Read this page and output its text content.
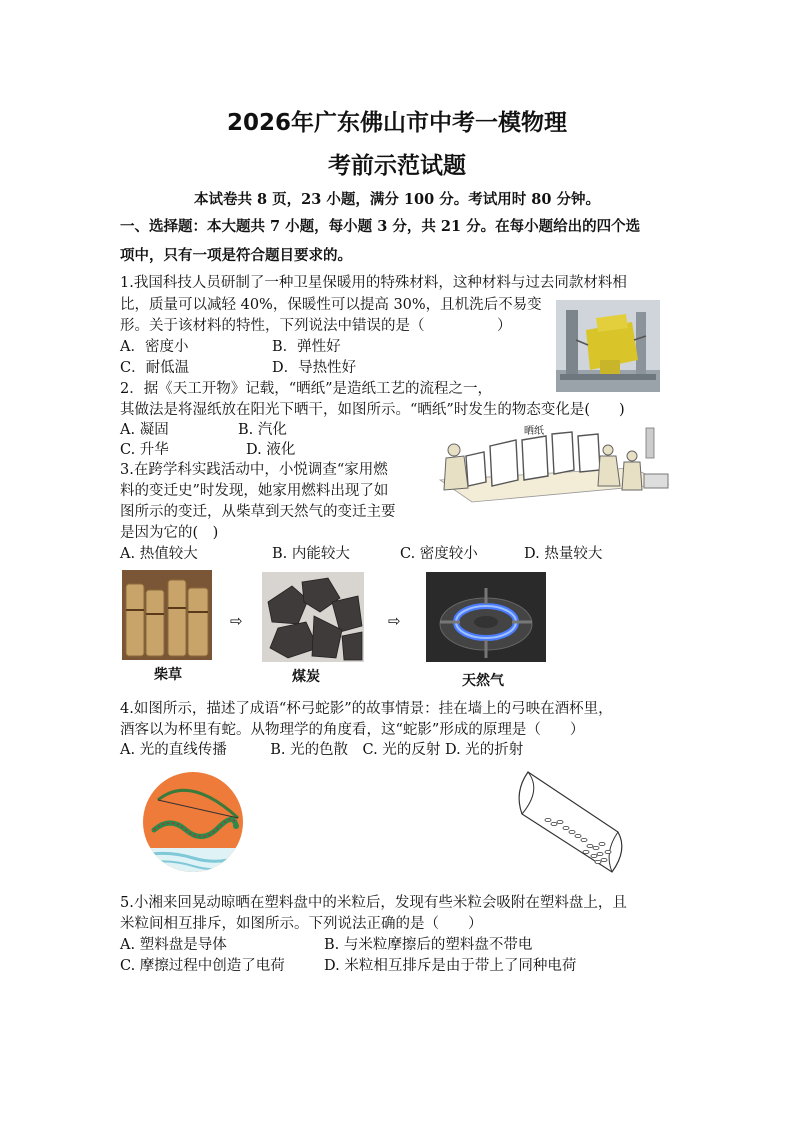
2026年广东佛山市中考一模物理
考前示范试题
本试卷共 8 页，23 小题，满分 100 分。考试用时 80 分钟。
一、选择题：本大题共 7 小题，每小题 3 分，共 21 分。在每小题给出的四个选
项中，只有一项是符合题目要求的。
1.我国科技人员研制了一种卫星保暖用的特殊材料，这种材料与过去同款材料相
比，质量可以减轻 40%，保暖性可以提高 30%，且机洗后不易变
形。关于该材料的特性，下列说法中错误的是（　　　　　）
A．密度小	B．弹性好
C．耐低温	D．导热性好
2．据《天工开物》记载，“晒纸”是造纸工艺的流程之一，
其做法是将湿纸放在阳光下晒干，如图所示。“晒纸”时发生的物态变化是(　　)
A. 凝固	B. 汽化
C. 升华	D. 液化
晒纸
3.在跨学科实践活动中，小悦调查“家用燃
料的变迁史”时发现，她家用燃料出现了如
图所示的变迁，从柴草到天然气的变迁主要
是因为它的(　)
A. 热值较大	B. 内能较大	C. 密度较小	D. 热量较大
⇨	⇨
柴草	煤炭	天然气
4.如图所示，描述了成语“杯弓蛇影”的故事情景：挂在墙上的弓映在酒杯里，
酒客以为杯里有蛇。从物理学的角度看，这“蛇影”形成的原理是（　　）
A. 光的直线传播　　　B. 光的色散　C. 光的反射 D. 光的折射
5.小湘来回晃动晾晒在塑料盘中的米粒后，发现有些米粒会吸附在塑料盘上，且
米粒间相互排斥，如图所示。下列说法正确的是（　　）
A. 塑料盘是导体	B. 与米粒摩擦后的塑料盘不带电
C. 摩擦过程中创造了电荷	D. 米粒相互排斥是由于带上了同种电荷
